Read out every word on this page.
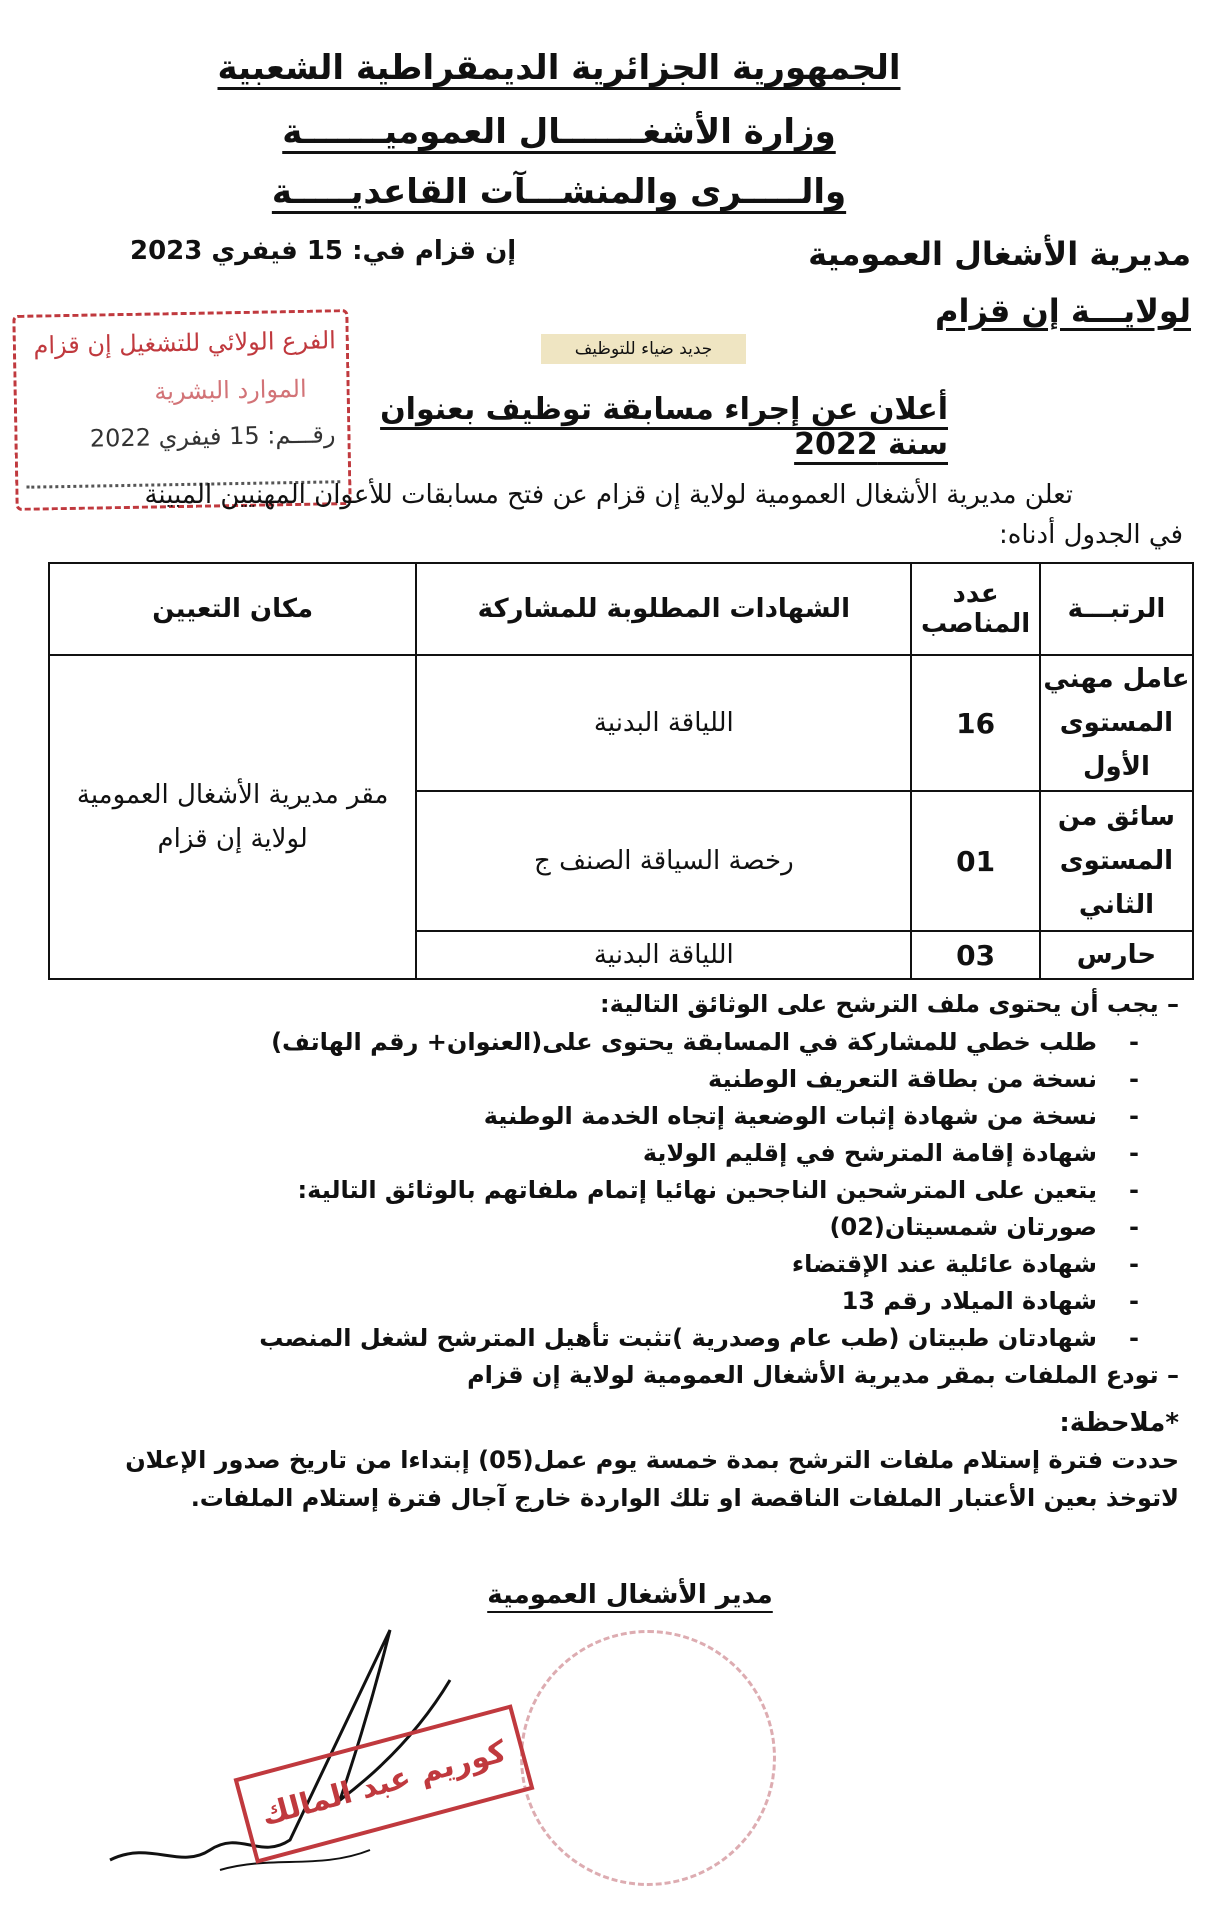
الجمهورية الجزائرية الديمقراطية الشعبية
وزارة الأشغـــــــال العموميـــــــة
والـــــرى والمنشـــآت القاعديـــــة
مديرية الأشغال العمومية
لولايـــة إن قزام
إن قزام في: 15 فيفري 2023
جديد ضياء للتوظيف
الفرع الولائي للتشغيل إن قزام
الموارد البشرية
رقـــم: 15 فيفري 2022
أعلان عن إجراء مسابقة توظيف بعنوان سنة 2022
تعلن مديرية الأشغال العمومية لولاية إن قزام عن فتح مسابقات للأعوان المهنيين المبينة
في الجدول أدناه:
الرتبـــة	عدد المناصب	الشهادات المطلوبة للمشاركة	مكان التعيين
عامل مهني المستوى الأول	16	اللياقة البدنية	مقر مديرية الأشغال العمومية لولاية إن قزام
سائق من المستوى الثاني	01	رخصة السياقة الصنف ج	
حارس	03	اللياقة البدنية	
– يجب أن يحتوى ملف الترشح على الوثائق التالية:
- طلب خطي للمشاركة في المسابقة يحتوى على(العنوان+ رقم الهاتف)
- نسخة من بطاقة التعريف الوطنية
- نسخة من شهادة إثبات الوضعية إتجاه الخدمة الوطنية
- شهادة إقامة المترشح في إقليم الولاية
- يتعين على المترشحين الناجحين نهائيا إتمام ملفاتهم بالوثائق التالية:
- صورتان شمسيتان(02)
- شهادة عائلية عند الإقتضاء
- شهادة الميلاد رقم 13
- شهادتان طبيتان (طب عام وصدرية )تثبت تأهيل المترشح لشغل المنصب
– تودع الملفات بمقر مديرية الأشغال العمومية لولاية إن قزام
*ملاحظة:
حددت فترة إستلام ملفات الترشح بمدة خمسة يوم عمل(05) إبتداءا من تاريخ صدور الإعلان
لاتوخذ بعين الأعتبار الملفات الناقصة او تلك الواردة خارج آجال فترة إستلام الملفات.
مدير الأشغال العمومية
كوريم عبد المالك
